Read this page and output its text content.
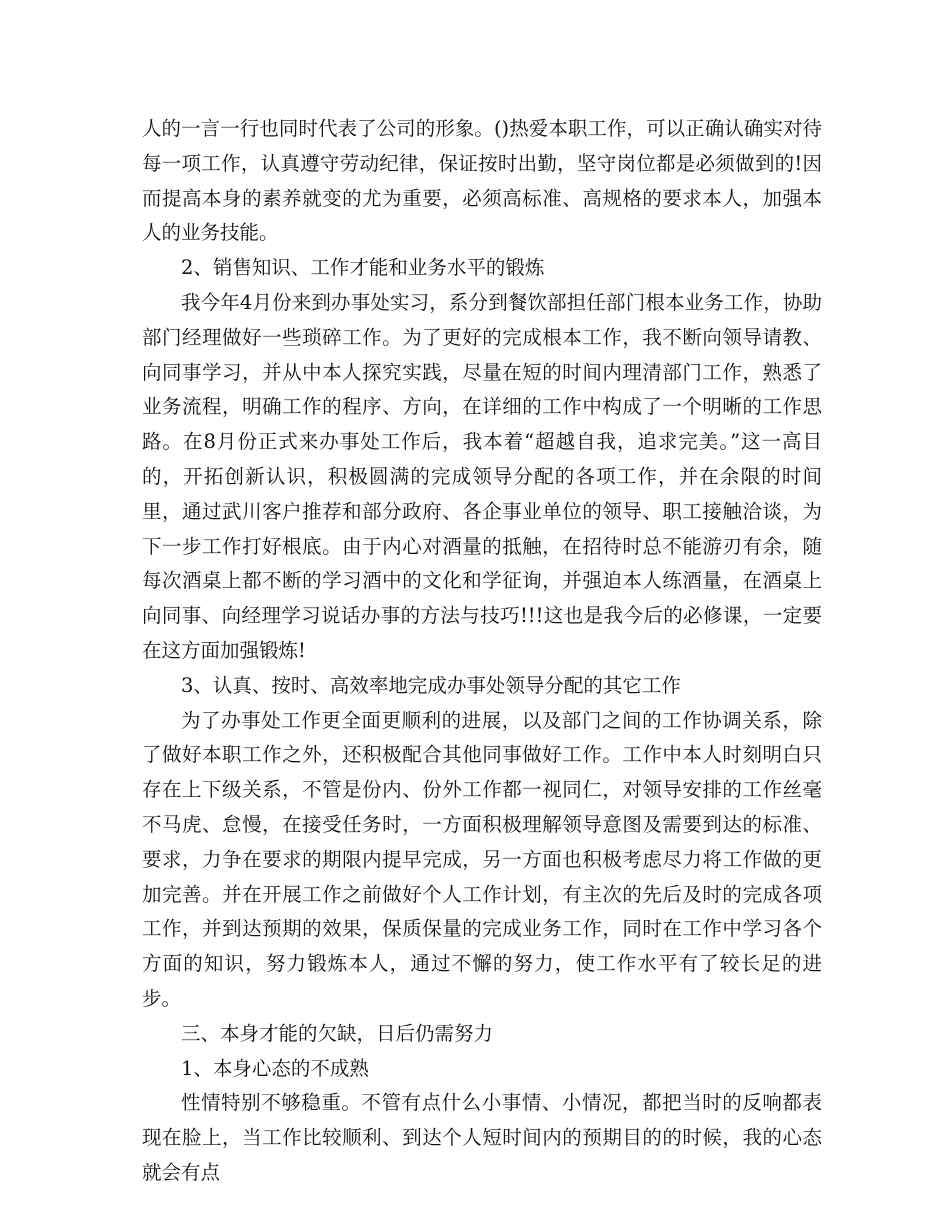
人的一言一行也同时代表了公司的形象。()热爱本职工作，可以正确认确实对待每一项工作，认真遵守劳动纪律，保证按时出勤，坚守岗位都是必须做到的!因而提高本身的素养就变的尤为重要，必须高标准、高规格的要求本人，加强本人的业务技能。

2、销售知识、工作才能和业务水平的锻炼

我今年4月份来到办事处实习，系分到餐饮部担任部门根本业务工作，协助部门经理做好一些琐碎工作。为了更好的完成根本工作，我不断向领导请教、向同事学习，并从中本人探究实践，尽量在短的时间内理清部门工作，熟悉了业务流程，明确工作的程序、方向，在详细的工作中构成了一个明晰的工作思路。在8月份正式来办事处工作后，我本着“超越自我，追求完美。”这一高目的，开拓创新认识，积极圆满的完成领导分配的各项工作，并在余限的时间里，通过武川客户推荐和部分政府、各企事业单位的领导、职工接触洽谈，为下一步工作打好根底。由于内心对酒量的抵触，在招待时总不能游刃有余，随每次酒桌上都不断的学习酒中的文化和学征询，并强迫本人练酒量，在酒桌上向同事、向经理学习说话办事的方法与技巧!!!这也是我今后的必修课，一定要在这方面加强锻炼!

3、认真、按时、高效率地完成办事处领导分配的其它工作

为了办事处工作更全面更顺利的进展，以及部门之间的工作协调关系，除了做好本职工作之外，还积极配合其他同事做好工作。工作中本人时刻明白只存在上下级关系，不管是份内、份外工作都一视同仁，对领导安排的工作丝毫不马虎、怠慢，在接受任务时，一方面积极理解领导意图及需要到达的标准、要求，力争在要求的期限内提早完成，另一方面也积极考虑尽力将工作做的更加完善。并在开展工作之前做好个人工作计划，有主次的先后及时的完成各项工作，并到达预期的效果，保质保量的完成业务工作，同时在工作中学习各个方面的知识，努力锻炼本人，通过不懈的努力，使工作水平有了较长足的进步。

三、本身才能的欠缺，日后仍需努力

1、本身心态的不成熟

性情特别不够稳重。不管有点什么小事情、小情况，都把当时的反响都表现在脸上，当工作比较顺利、到达个人短时间内的预期目的的时候，我的心态就会有点
